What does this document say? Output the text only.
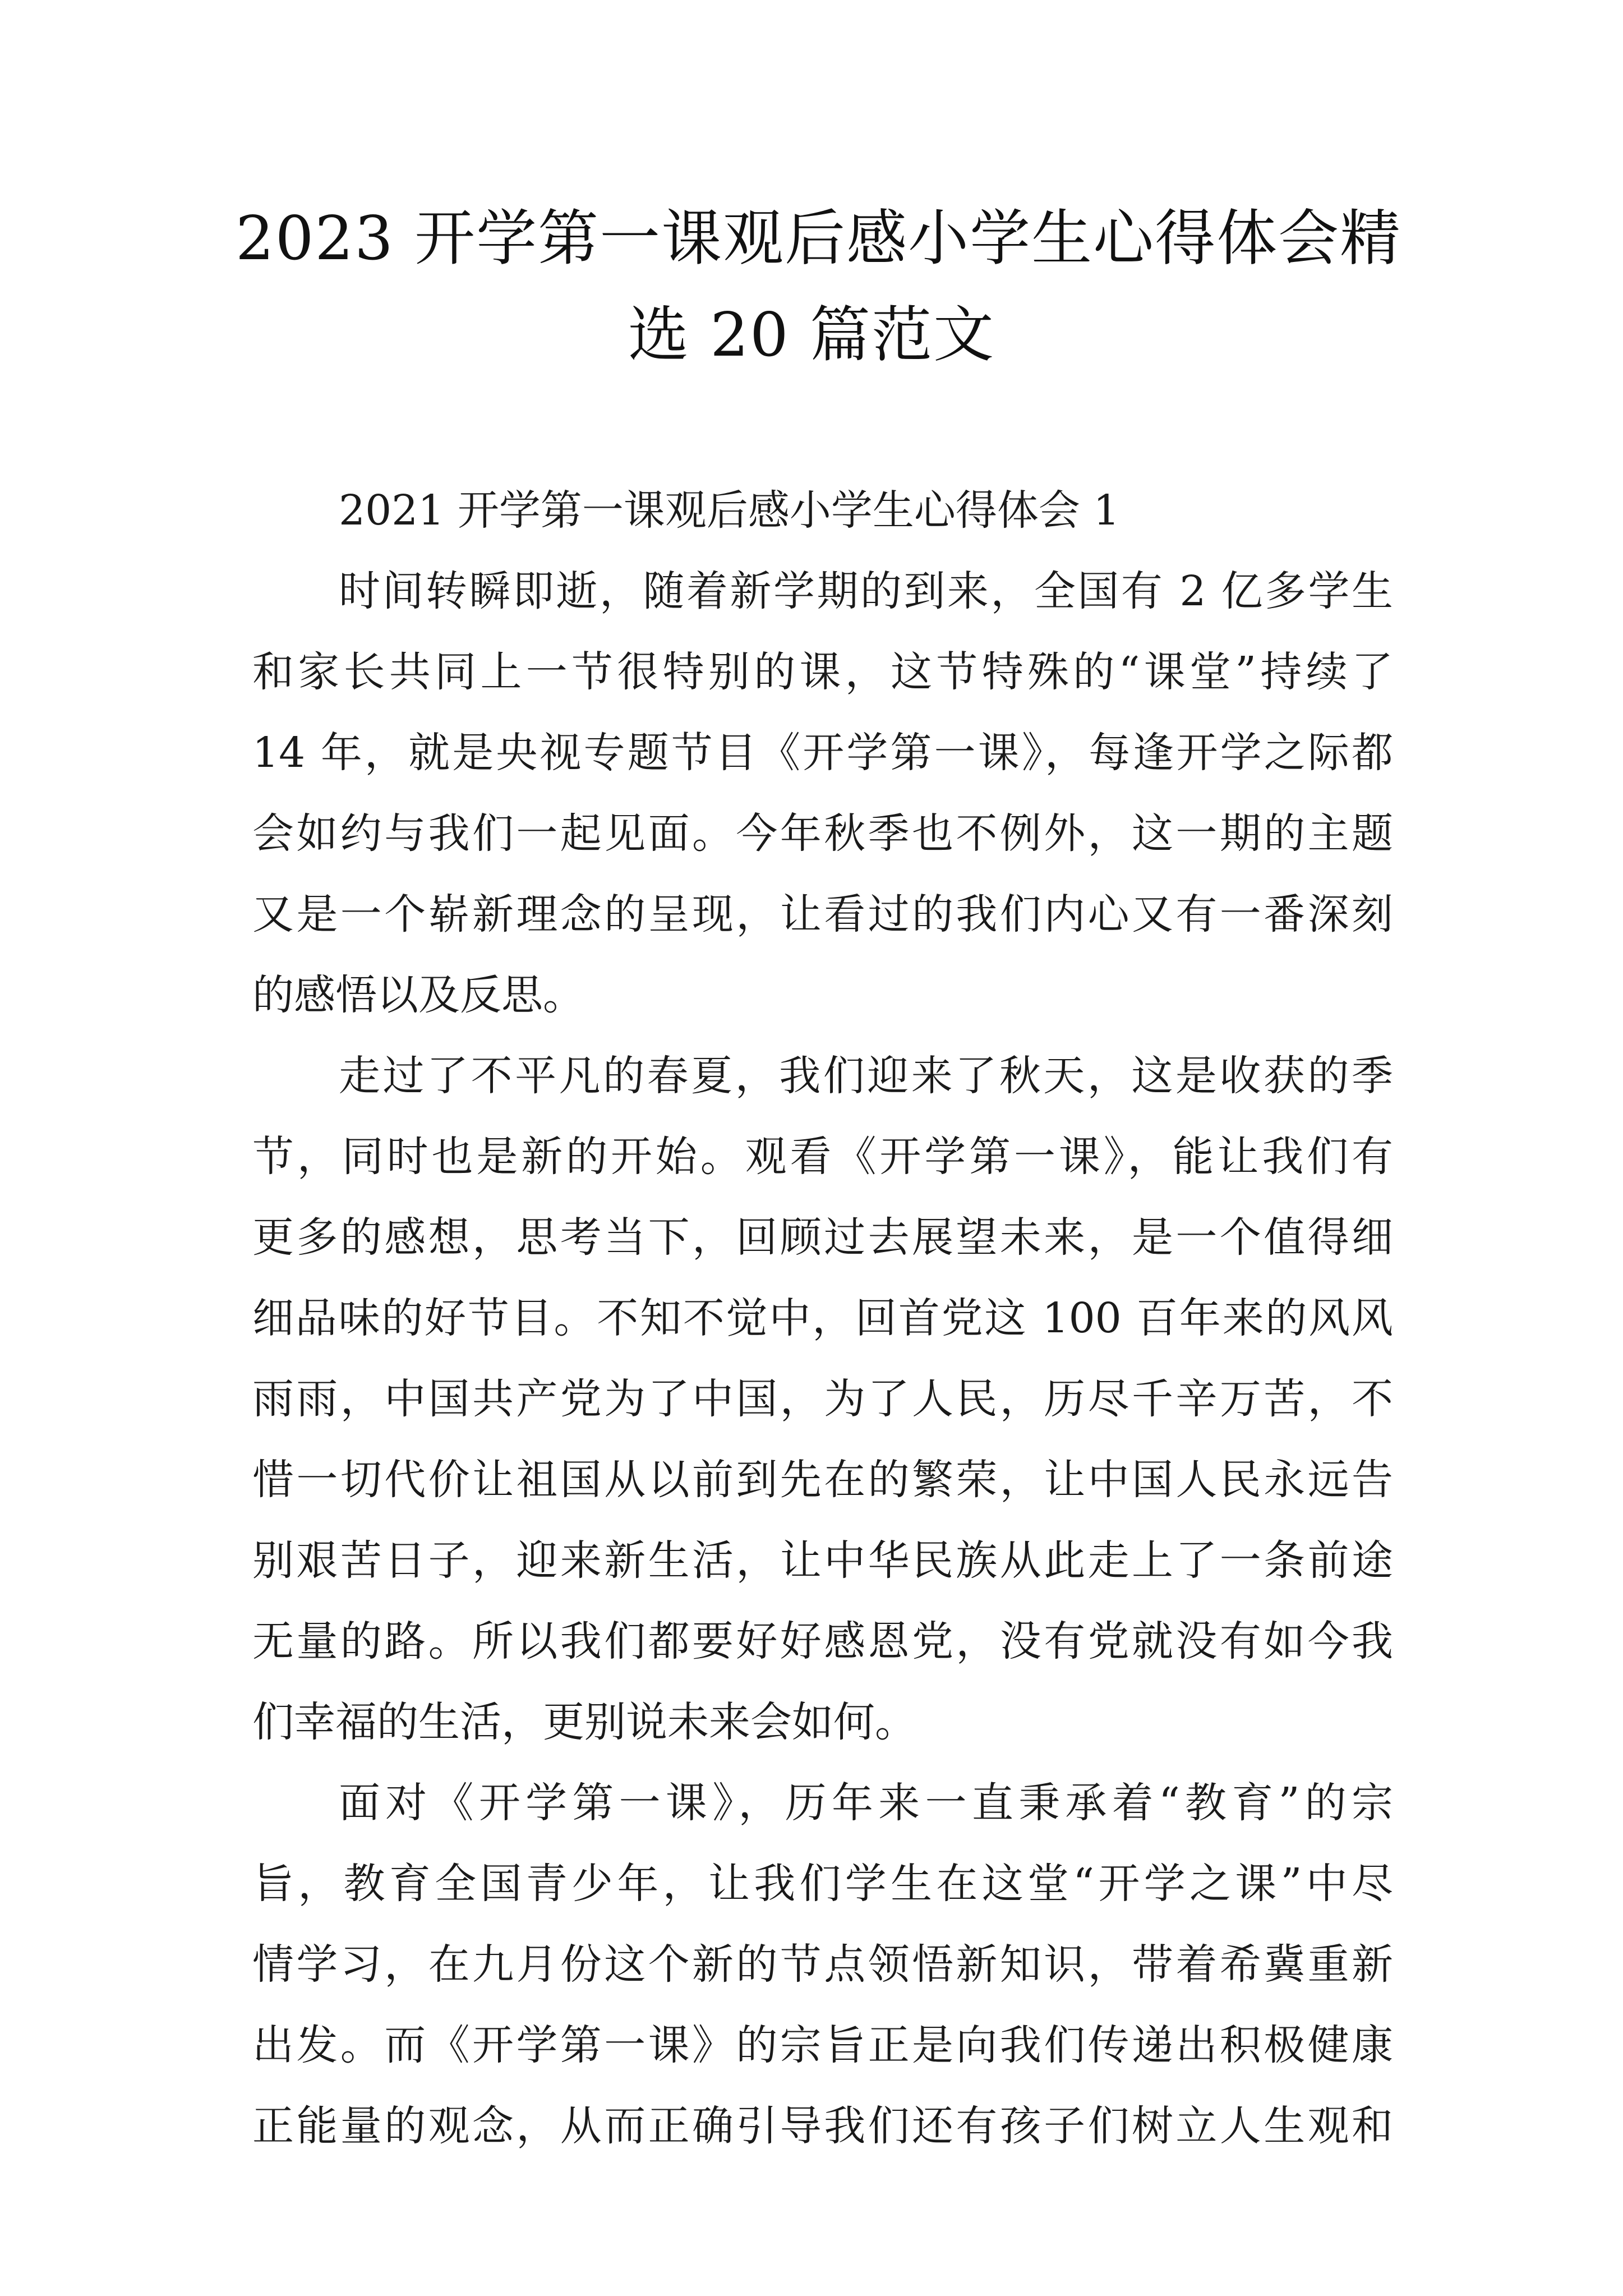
2023 开学第一课观后感小学生心得体会精
选 20 篇范文
2021 开学第一课观后感小学生心得体会 1
时间转瞬即逝，随着新学期的到来，全国有 2 亿多学生
和家长共同上一节很特别的课，这节特殊的“课堂”持续了
14 年，就是央视专题节目《开学第一课》，每逢开学之际都
会如约与我们一起见面。今年秋季也不例外，这一期的主题
又是一个崭新理念的呈现，让看过的我们内心又有一番深刻
的感悟以及反思。
走过了不平凡的春夏，我们迎来了秋天，这是收获的季
节，同时也是新的开始。观看《开学第一课》，能让我们有
更多的感想，思考当下，回顾过去展望未来，是一个值得细
细品味的好节目。不知不觉中，回首党这 100 百年来的风风
雨雨，中国共产党为了中国，为了人民，历尽千辛万苦，不
惜一切代价让祖国从以前到先在的繁荣，让中国人民永远告
别艰苦日子，迎来新生活，让中华民族从此走上了一条前途
无量的路。所以我们都要好好感恩党，没有党就没有如今我
们幸福的生活，更别说未来会如何。
面对《开学第一课》，历年来一直秉承着“教育”的宗
旨，教育全国青少年，让我们学生在这堂“开学之课”中尽
情学习，在九月份这个新的节点领悟新知识，带着希冀重新
出发。而《开学第一课》的宗旨正是向我们传递出积极健康
正能量的观念，从而正确引导我们还有孩子们树立人生观和
